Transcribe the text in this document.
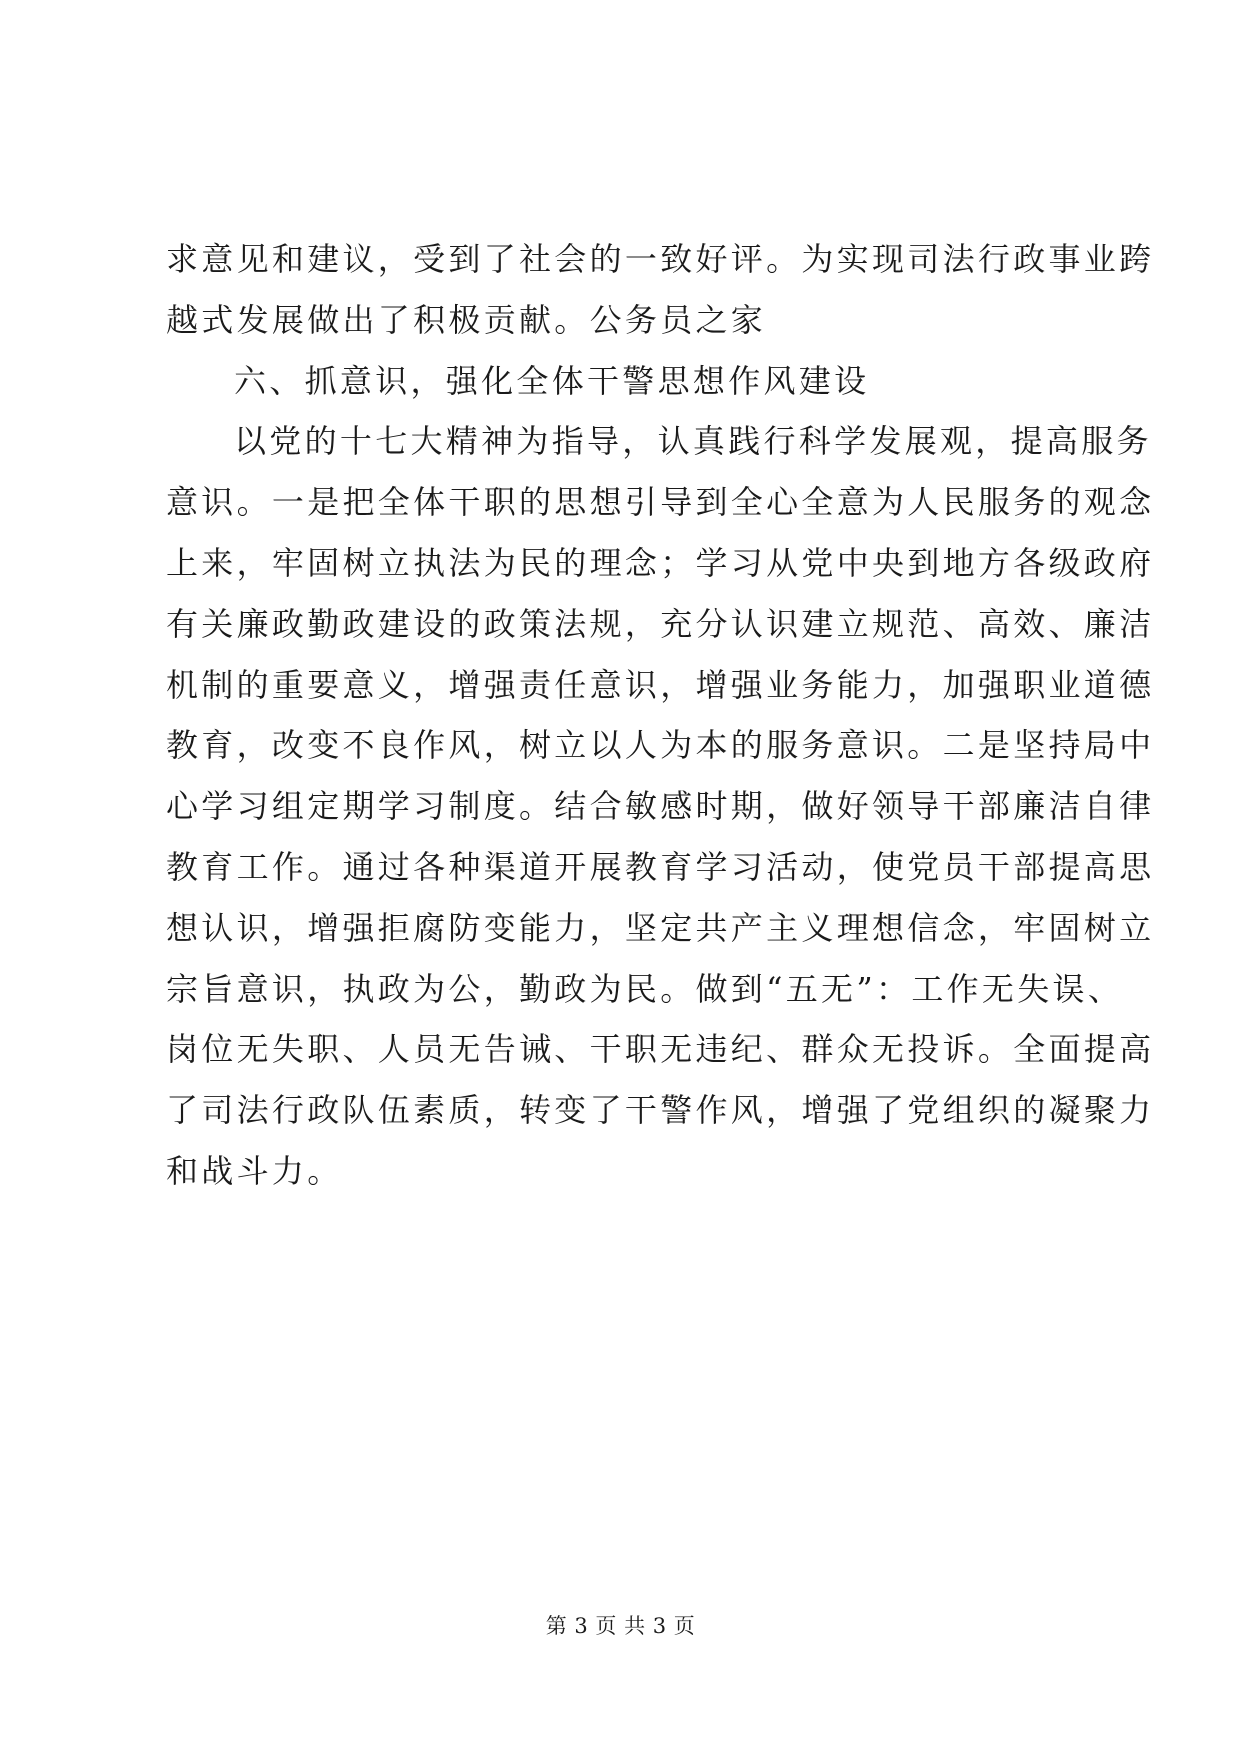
求意见和建议，受到了社会的一致好评。为实现司法行政事业跨
越式发展做出了积极贡献。公务员之家
六、抓意识，强化全体干警思想作风建设
以党的十七大精神为指导，认真践行科学发展观，提高服务
意识。一是把全体干职的思想引导到全心全意为人民服务的观念
上来，牢固树立执法为民的理念；学习从党中央到地方各级政府
有关廉政勤政建设的政策法规，充分认识建立规范、高效、廉洁
机制的重要意义，增强责任意识，增强业务能力，加强职业道德
教育，改变不良作风，树立以人为本的服务意识。二是坚持局中
心学习组定期学习制度。结合敏感时期，做好领导干部廉洁自律
教育工作。通过各种渠道开展教育学习活动，使党员干部提高思
想认识，增强拒腐防变能力，坚定共产主义理想信念，牢固树立
宗旨意识，执政为公，勤政为民。做到“五无”：工作无失误、
岗位无失职、人员无告诫、干职无违纪、群众无投诉。全面提高
了司法行政队伍素质，转变了干警作风，增强了党组织的凝聚力
和战斗力。
第 3 页 共 3 页
